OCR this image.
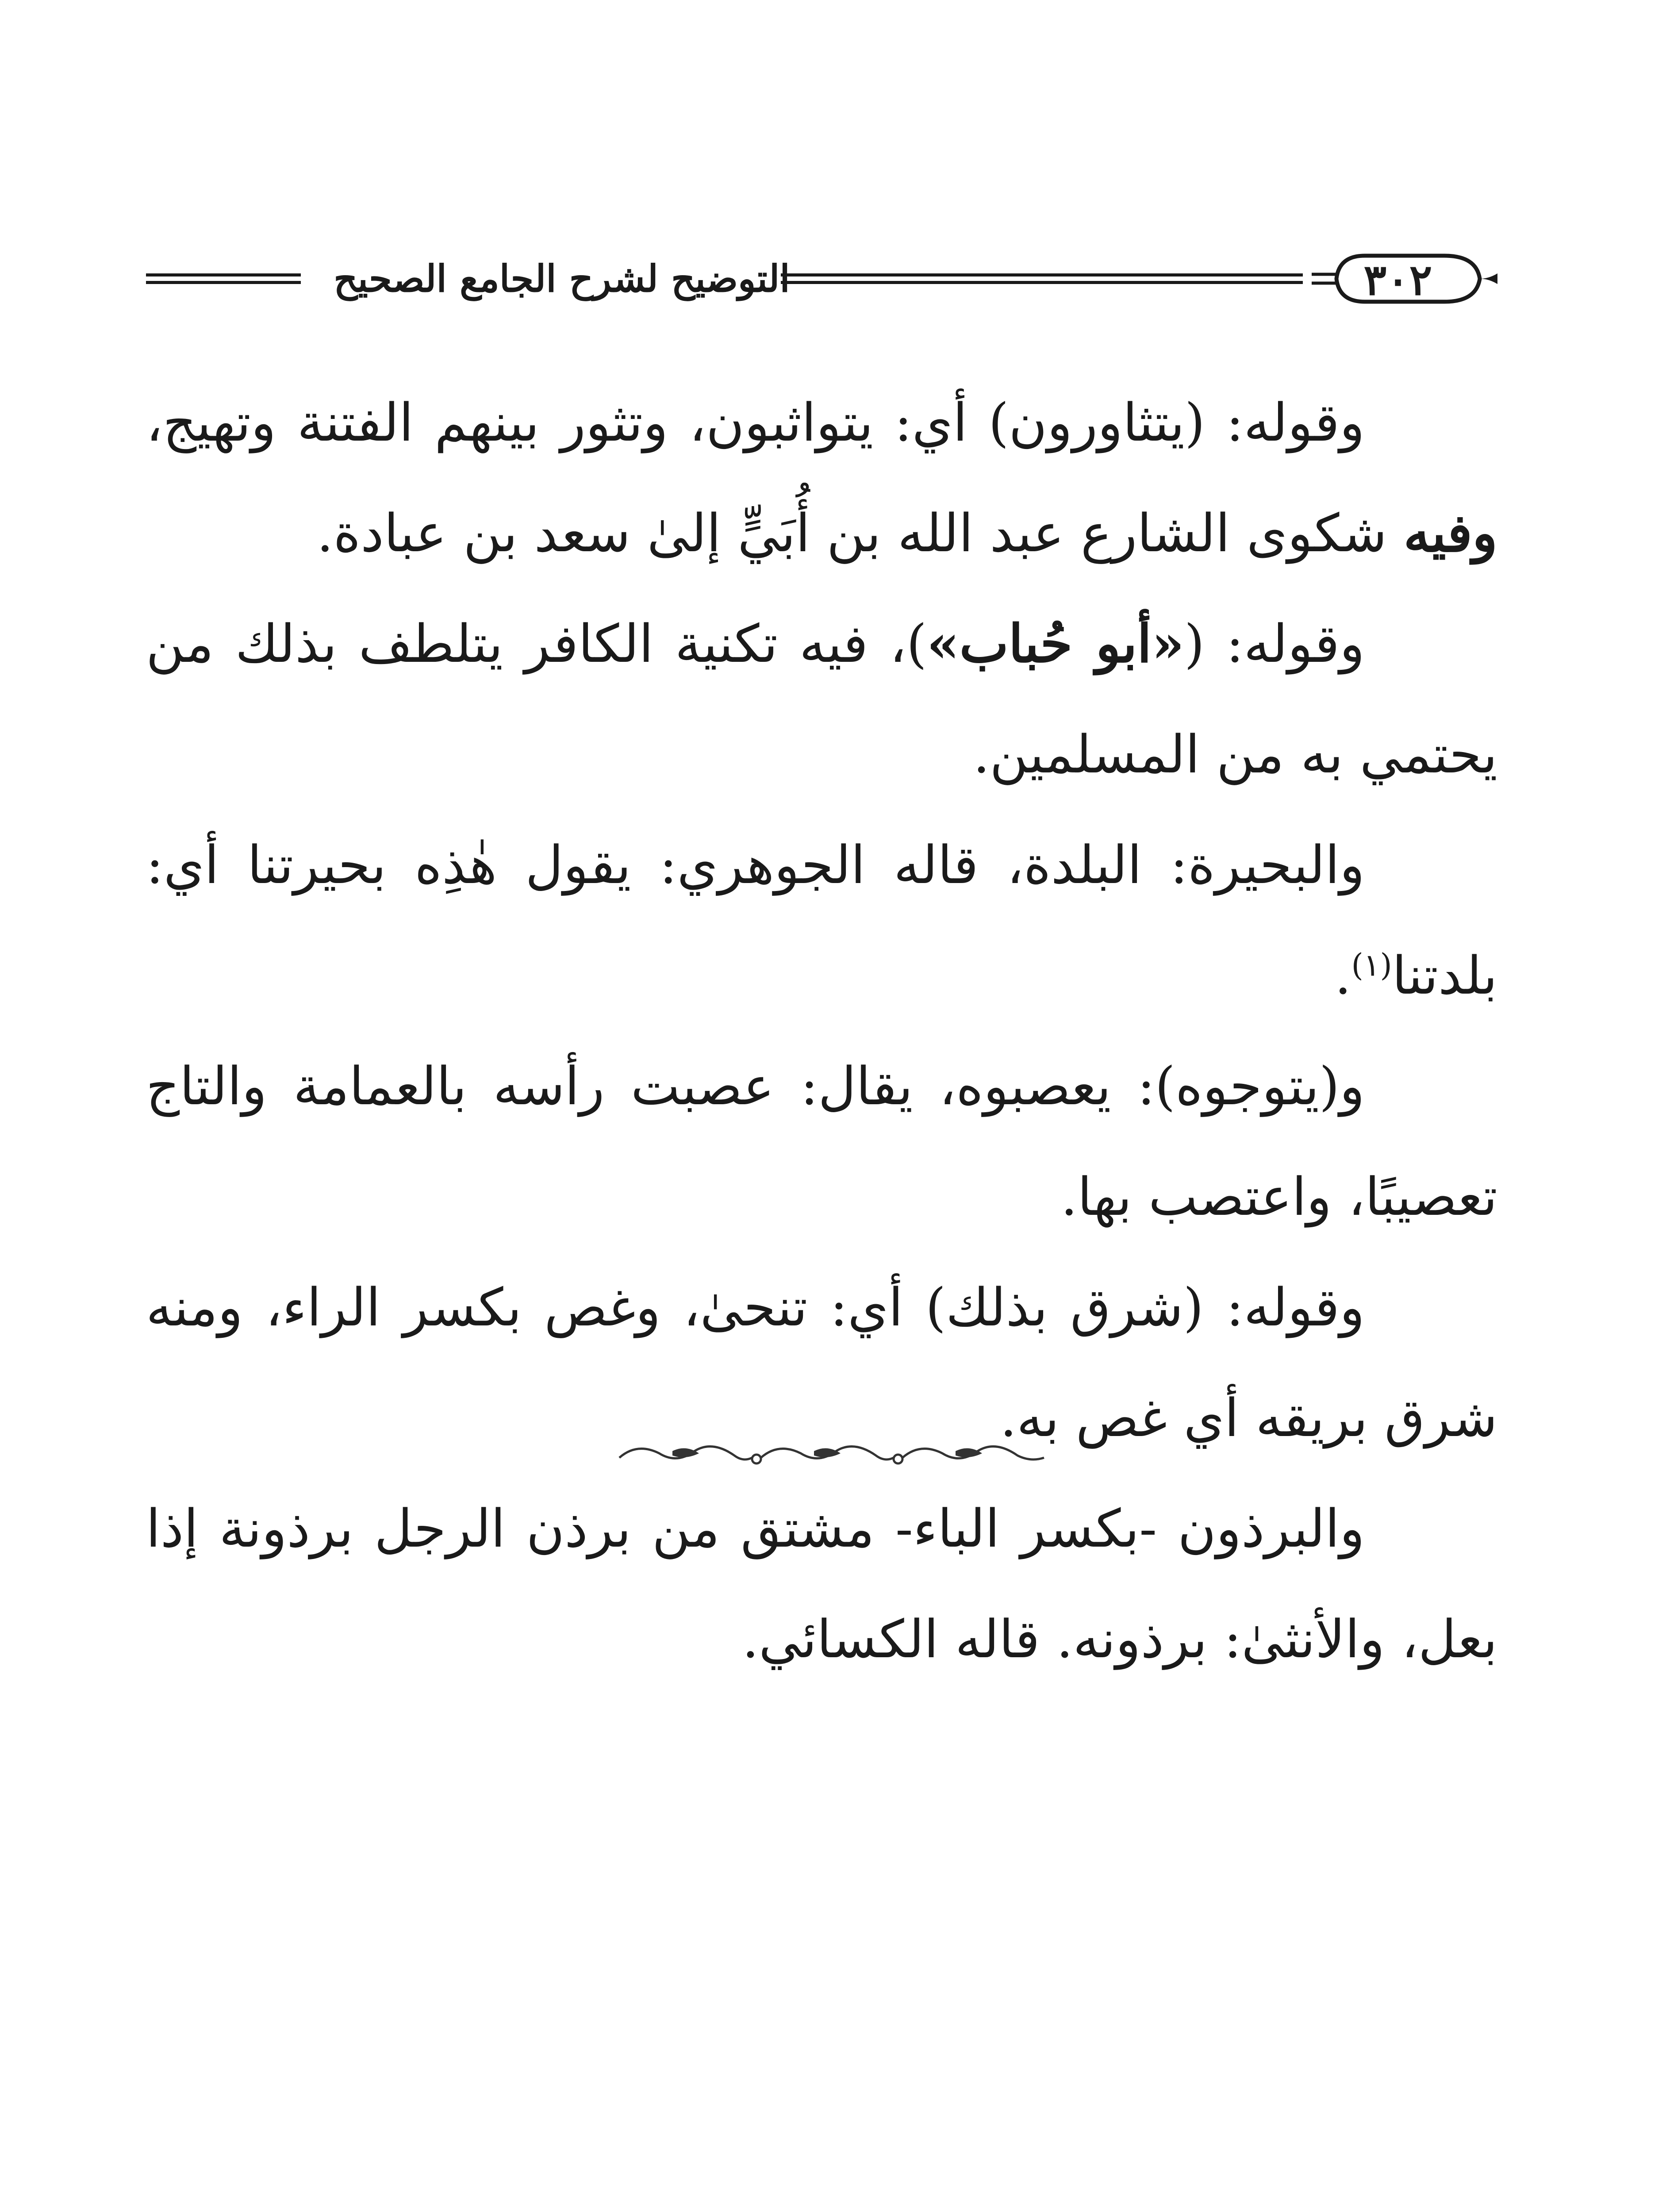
٣٠٢
التوضيح لشرح الجامع الصحيح

وقوله: (يتثاورون) أي: يتواثبون، وتثور بينهم الفتنة وتهيج، وفيه شكوى الشارع عبد الله بن أُبَيٍّ إلىٰ سعد بن عبادة.

وقوله: («أبو حُباب»)، فيه تكنية الكافر يتلطف بذلك من يحتمي به من المسلمين.

والبحيرة: البلدة، قاله الجوهري: يقول هٰذِه بحيرتنا أي: بلدتنا$^{(١)}$.

و(يتوجوه): يعصبوه، يقال: عصبت رأسه بالعمامة والتاج تعصيبًا، واعتصب بها.

وقوله: (شرق بذلك) أي: تنحىٰ، وغص بكسر الراء، ومنه شرق بريقه أي غص به.

والبرذون -بكسر الباء- مشتق من برذن الرجل برذونة إذا بعل، والأنثىٰ: برذونه. قاله الكسائي.
